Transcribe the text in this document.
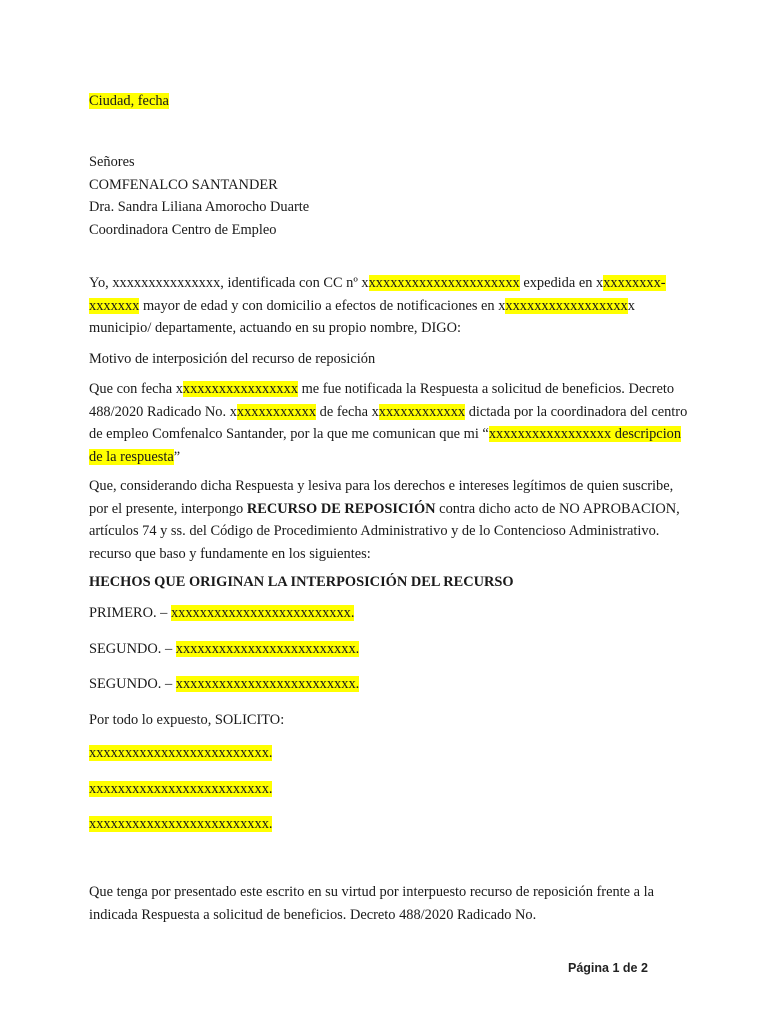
Ciudad, fecha
Señores
COMFENALCO SANTANDER
Dra. Sandra Liliana Amorocho Duarte
Coordinadora Centro de Empleo
Yo, xxxxxxxxxxxxxxx, identificada con CC nº xxxxxxxxxxxxxxxxxxxxxx expedida en xxxxxxxxx-xxxxxxx mayor de edad y con domicilio a efectos de notificaciones en xxxxxxxxxxxxxxxxxxx municipio/ departamente, actuando en su propio nombre, DIGO:
Motivo de interposición del recurso de reposición
Que con fecha xxxxxxxxxxxxxxxxx me fue notificada la Respuesta a solicitud de beneficios. Decreto 488/2020 Radicado No. xxxxxxxxxxxx de fecha xxxxxxxxxxxxx dictada por la coordinadora del centro de empleo Comfenalco Santander, por la que me comunican que mi “xxxxxxxxxxxxxxxxx descripcion de la respuesta”
Que, considerando dicha Respuesta y lesiva para los derechos e intereses legítimos de quien suscribe, por el presente, interpongo RECURSO DE REPOSICIÓN contra dicho acto de NO APROBACION, artículos 74 y ss. del Código de Procedimiento Administrativo y de lo Contencioso Administrativo. recurso que baso y fundamente en los siguientes:
HECHOS QUE ORIGINAN LA INTERPOSICIÓN DEL RECURSO
PRIMERO. – xxxxxxxxxxxxxxxxxxxxxxxxx.
SEGUNDO. – xxxxxxxxxxxxxxxxxxxxxxxxx.
SEGUNDO. – xxxxxxxxxxxxxxxxxxxxxxxxx.
Por todo lo expuesto, SOLICITO:
xxxxxxxxxxxxxxxxxxxxxxxxx.
xxxxxxxxxxxxxxxxxxxxxxxxx.
xxxxxxxxxxxxxxxxxxxxxxxxx.
Que tenga por presentado este escrito en su virtud por interpuesto recurso de reposición frente a la indicada Respuesta a solicitud de beneficios. Decreto 488/2020 Radicado No.
Página 1 de 2
